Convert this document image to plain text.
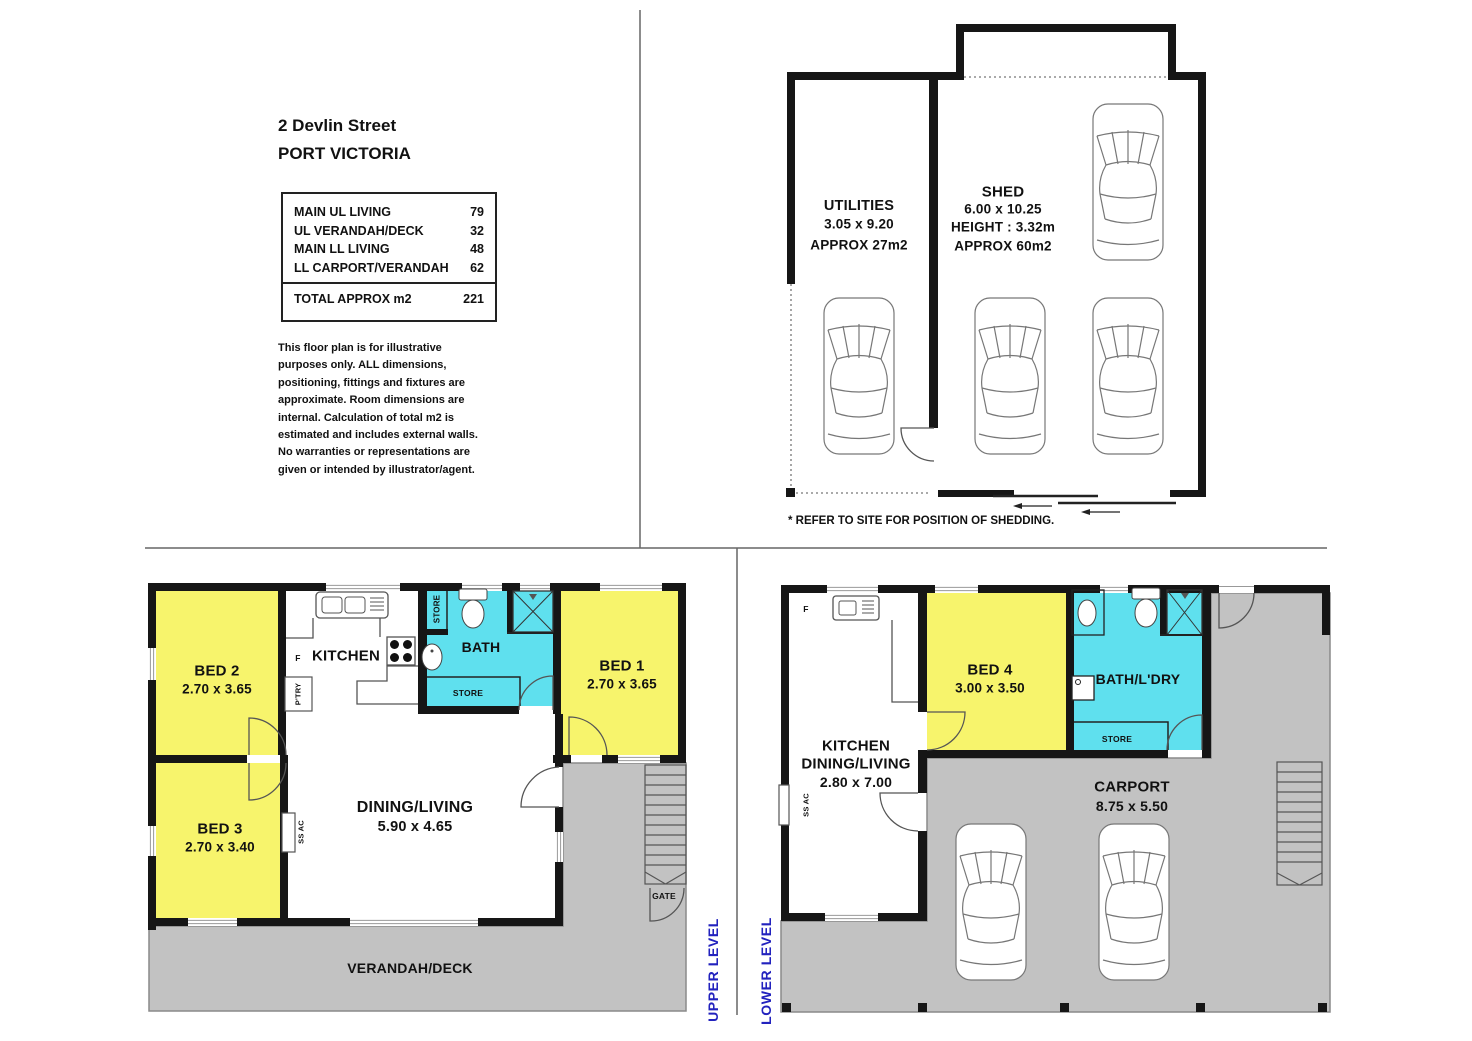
2 Devlin Street
PORT VICTORIA
MAIN UL LIVING	79
UL VERANDAH/DECK	32
MAIN LL LIVING	48
LL CARPORT/VERANDAH 62
TOTAL APPROX m2	221
This floor plan is for illustrative
purposes only. ALL dimensions,
positioning, fittings and fixtures are
approximate. Room dimensions are
internal. Calculation of total m2 is
estimated and includes external walls.
No warranties or representations are
given or intended by illustrator/agent.
UTILITIES
3.05 x 9.20
APPROX 27m2
SHED
6.00 x 10.25
HEIGHT : 3.32m
APPROX 60m2
* REFER TO SITE FOR POSITION OF SHEDDING.
BED 2
2.70 x 3.65
KITCHEN
F
P'TRY
STORE
BATH
STORE
BED 1
2.70 x 3.65
DINING/LIVING
5.90 x 4.65
SS AC
BED 3
2.70 x 3.40
GATE
VERANDAH/DECK	UPPER LEVEL
F
KITCHEN
DINING/LIVING
2.80 x 7.00
SS AC
BED 4
3.00 x 3.50
BATH/L'DRY
STORE
CARPORT
8.75 x 5.50
LOWER LEVEL
